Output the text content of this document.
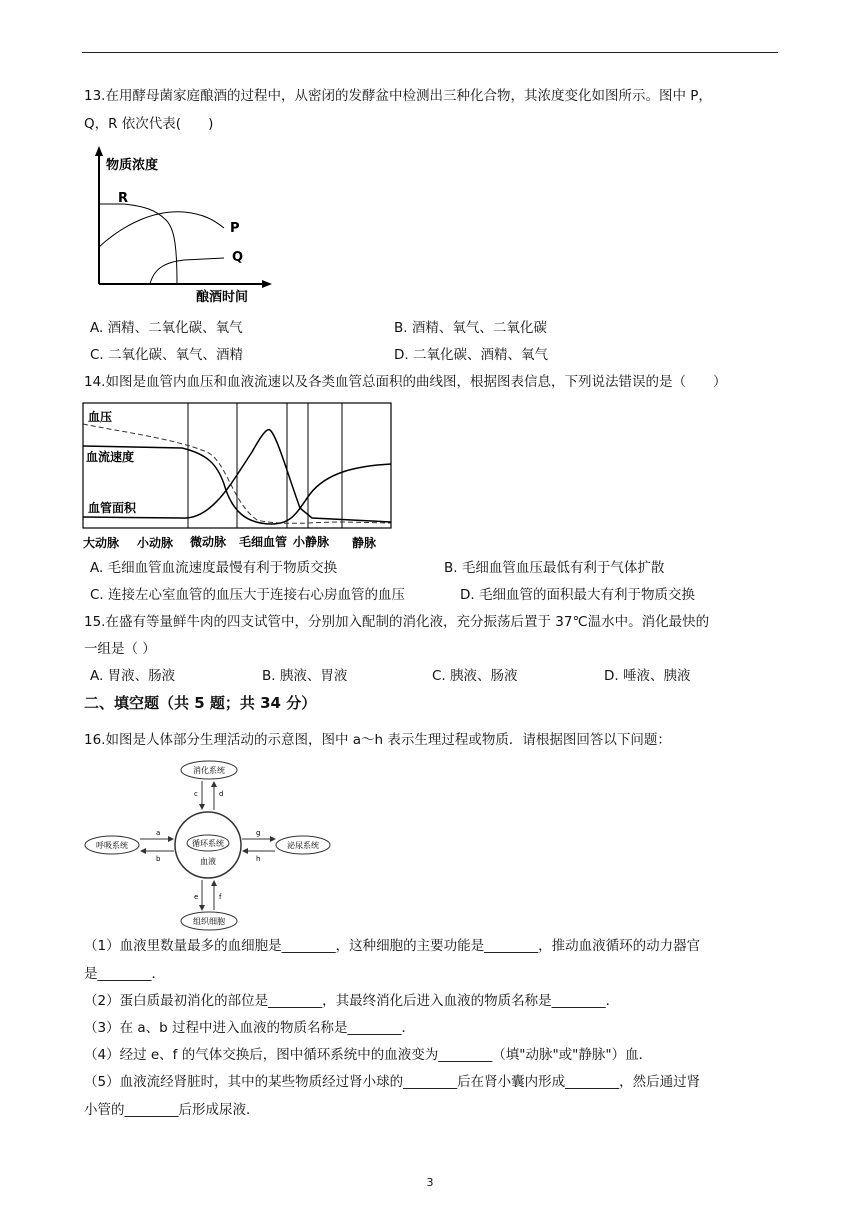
13.在用酵母菌家庭酿酒的过程中，从密闭的发酵盆中检测出三种化合物，其浓度变化如图所示。图中 P，
Q，R 依次代表(　　)
物质浓度
酿酒时间
R
P
Q
A. 酒精、二氧化碳、氧气	B. 酒精、氧气、二氧化碳
C. 二氧化碳、氧气、酒精	D. 二氧化碳、酒精、氧气
14.如图是血管内血压和血液流速以及各类血管总面积的曲线图，根据图表信息，下列说法错误的是（　　）
血压
血流速度
血管面积
大动脉 小动脉 微动脉 毛细血管 小静脉 静脉
A. 毛细血管血流速度最慢有利于物质交换	B. 毛细血管血压最低有利于气体扩散
C. 连接左心室血管的血压大于连接右心房血管的血压	D. 毛细血管的面积最大有利于物质交换
15.在盛有等量鲜牛肉的四支试管中，分别加入配制的消化液，充分振荡后置于 37℃温水中。消化最快的
一组是（ ）
A. 胃液、肠液	B. 胰液、胃液	C. 胰液、肠液	D. 唾液、胰液
二、填空题（共 5 题；共 34 分）
16.如图是人体部分生理活动的示意图，图中 a～h 表示生理过程或物质．请根据图回答以下问题：
消化系统
呼吸系统	泌尿系统
组织细胞
循环系统
血液
c	d
a
b
g
h
e	f
（1）血液里数量最多的血细胞是________，这种细胞的主要功能是________，推动血液循环的动力器官
是________．
（2）蛋白质最初消化的部位是________，其最终消化后进入血液的物质名称是________．
（3）在 a、b 过程中进入血液的物质名称是________．
（4）经过 e、f 的气体交换后，图中循环系统中的血液变为________（填"动脉"或"静脉"）血．
（5）血液流经肾脏时，其中的某些物质经过肾小球的________后在肾小囊内形成________，然后通过肾
小管的________后形成尿液．
3
